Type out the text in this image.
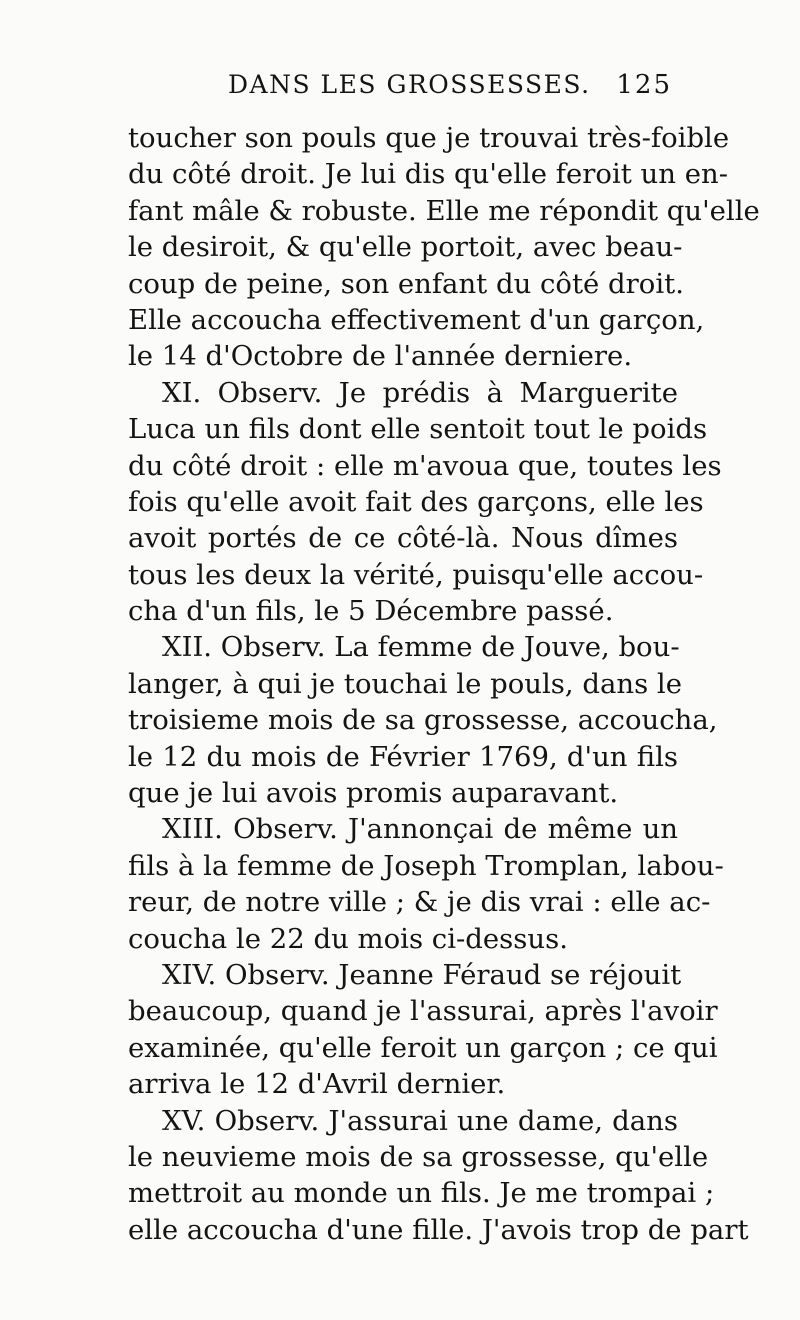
DANS LES GROSSESSES. 125
toucher son pouls que je trouvai très-foible
du côté droit. Je lui dis qu'elle feroit un en-
fant mâle & robuste. Elle me répondit qu'elle
le desiroit, & qu'elle portoit, avec beau-
coup de peine, son enfant du côté droit.
Elle accoucha effectivement d'un garçon,
le 14 d'Octobre de l'année derniere.
XI. Observ. Je prédis à Marguerite
Luca un fils dont elle sentoit tout le poids
du côté droit : elle m'avoua que, toutes les
fois qu'elle avoit fait des garçons, elle les
avoit portés de ce côté-là. Nous dîmes
tous les deux la vérité, puisqu'elle accou-
cha d'un fils, le 5 Décembre passé.
XII. Observ. La femme de Jouve, bou-
langer, à qui je touchai le pouls, dans le
troisieme mois de sa grossesse, accoucha,
le 12 du mois de Février 1769, d'un fils
que je lui avois promis auparavant.
XIII. Observ. J'annonçai de même un
fils à la femme de Joseph Tromplan, labou-
reur, de notre ville ; & je dis vrai : elle ac-
coucha le 22 du mois ci-dessus.
XIV. Observ. Jeanne Féraud se réjouit
beaucoup, quand je l'assurai, après l'avoir
examinée, qu'elle feroit un garçon ; ce qui
arriva le 12 d'Avril dernier.
XV. Observ. J'assurai une dame, dans
le neuvieme mois de sa grossesse, qu'elle
mettroit au monde un fils. Je me trompai ;
elle accoucha d'une fille. J'avois trop de part
